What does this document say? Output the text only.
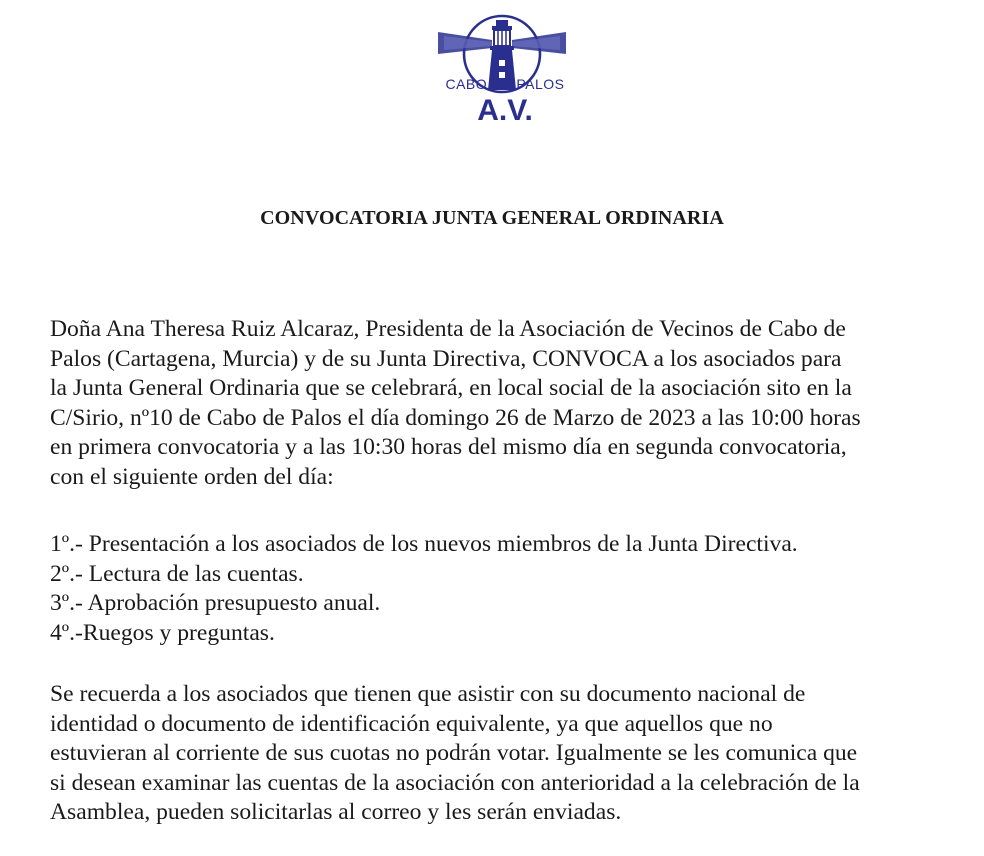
CABO DE PALOS
A.V.
CONVOCATORIA JUNTA GENERAL ORDINARIA
Doña Ana Theresa Ruiz Alcaraz, Presidenta de la Asociación de Vecinos de Cabo de
Palos (Cartagena, Murcia) y de su Junta Directiva, CONVOCA a los asociados para
la Junta General Ordinaria que se celebrará, en local social de la asociación sito en la
C/Sirio, nº10 de Cabo de Palos el día domingo 26 de Marzo de 2023 a las 10:00 horas
en primera convocatoria y a las 10:30 horas del mismo día en segunda convocatoria,
con el siguiente orden del día:
1º.- Presentación a los asociados de los nuevos miembros de la Junta Directiva.
2º.- Lectura de las cuentas.
3º.- Aprobación presupuesto anual.
4º.-Ruegos y preguntas.
Se recuerda a los asociados que tienen que asistir con su documento nacional de
identidad o documento de identificación equivalente, ya que aquellos que no
estuvieran al corriente de sus cuotas no podrán votar. Igualmente se les comunica que
si desean examinar las cuentas de la asociación con anterioridad a la celebración de la
Asamblea, pueden solicitarlas al correo y les serán enviadas.
